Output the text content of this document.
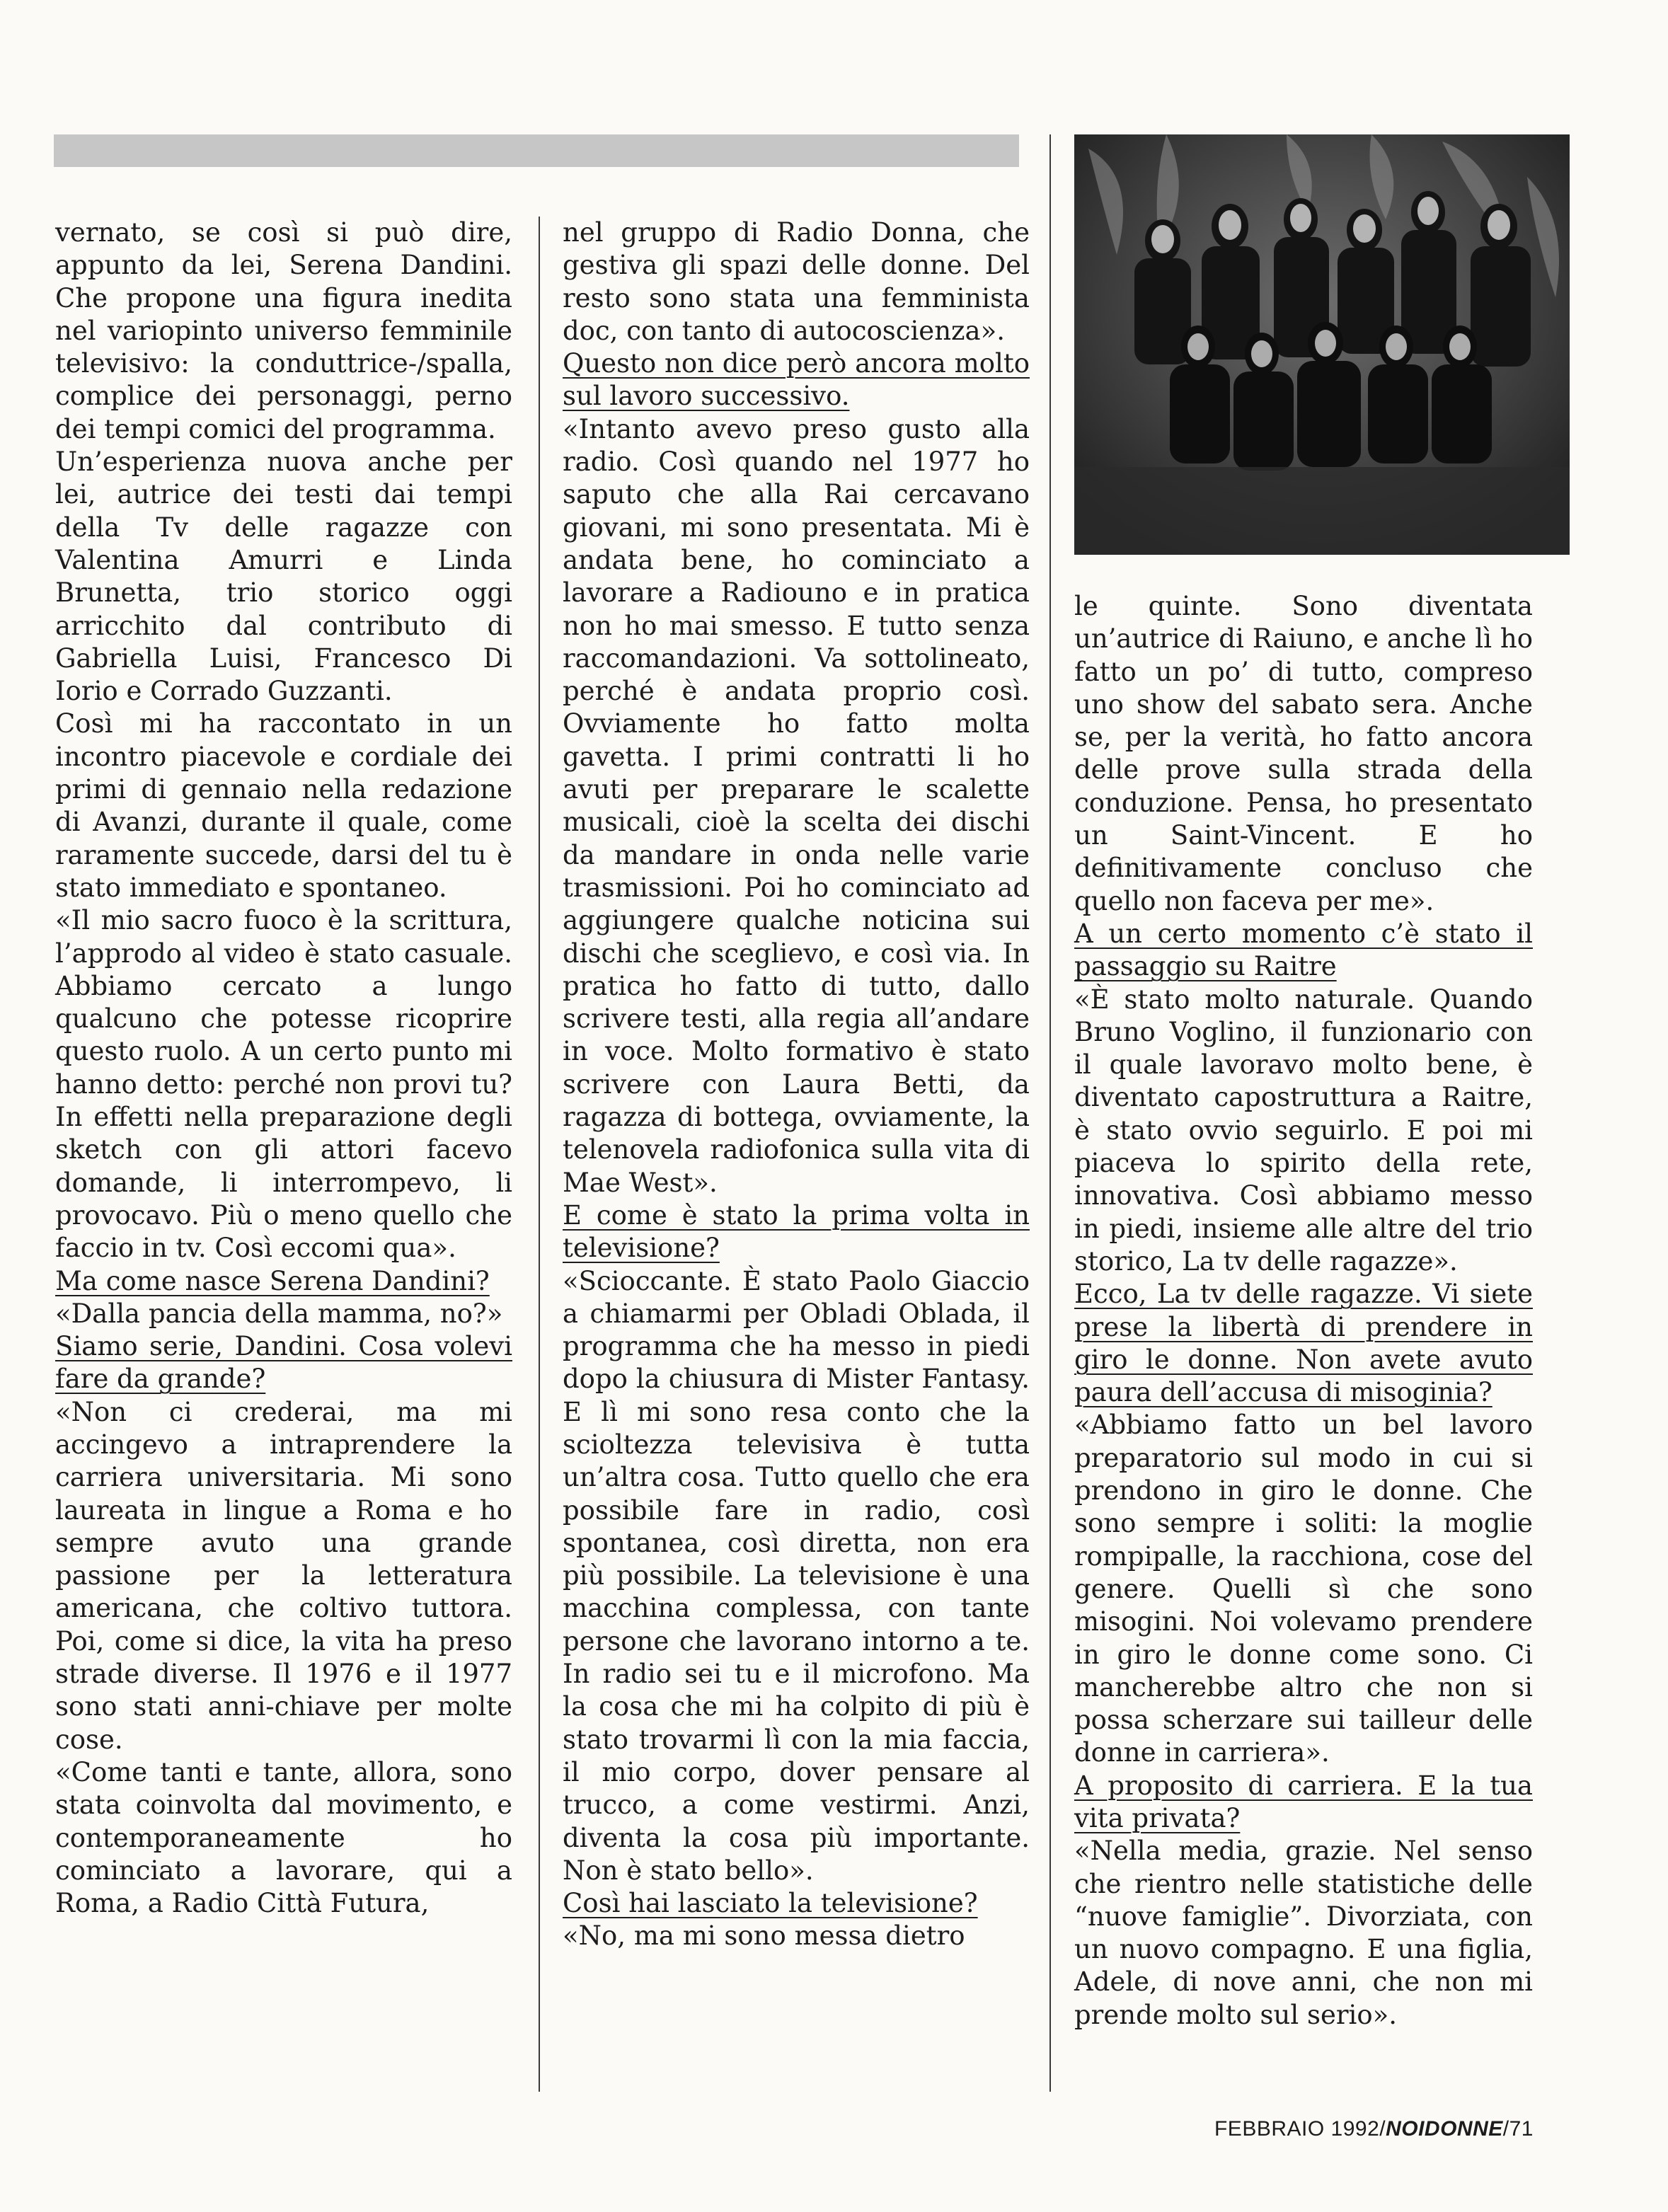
vernato, se così si può dire, appunto da lei, Serena Dandini. Che propone una figura inedita nel variopinto universo femminile televisivo: la conduttrice-/spalla, complice dei personaggi, perno dei tempi comici del programma.

Un’esperienza nuova anche per lei, autrice dei testi dai tempi della Tv delle ragazze con Valentina Amurri e Linda Brunetta, trio storico oggi arricchito dal contributo di Gabriella Luisi, Francesco Di Iorio e Corrado Guzzanti.

Così mi ha raccontato in un incontro piacevole e cordiale dei primi di gennaio nella redazione di Avanzi, durante il quale, come raramente succede, darsi del tu è stato immediato e spontaneo.

«Il mio sacro fuoco è la scrittura, l’approdo al video è stato casuale. Abbiamo cercato a lungo qualcuno che potesse ricoprire questo ruolo. A un certo punto mi hanno detto: perché non provi tu? In effetti nella preparazione degli sketch con gli attori facevo domande, li interrompevo, li provocavo. Più o meno quello che faccio in tv. Così eccomi qua».

Ma come nasce Serena Dandini?

«Dalla pancia della mamma, no?»

Siamo serie, Dandini. Cosa volevi fare da grande?

«Non ci crederai, ma mi accingevo a intraprendere la carriera universitaria. Mi sono laureata in lingue a Roma e ho sempre avuto una grande passione per la letteratura americana, che coltivo tuttora. Poi, come si dice, la vita ha preso strade diverse. Il 1976 e il 1977 sono stati anni-chiave per molte cose.

«Come tanti e tante, allora, sono stata coinvolta dal movimento, e contemporaneamente ho cominciato a lavorare, qui a Roma, a Radio Città Futura,

nel gruppo di Radio Donna, che gestiva gli spazi delle donne. Del resto sono stata una femminista doc, con tanto di autocoscienza».

Questo non dice però ancora molto sul lavoro successivo.

«Intanto avevo preso gusto alla radio. Così quando nel 1977 ho saputo che alla Rai cercavano giovani, mi sono presentata. Mi è andata bene, ho cominciato a lavorare a Radiouno e in pratica non ho mai smesso. E tutto senza raccomandazioni. Va sottolineato, perché è andata proprio così. Ovviamente ho fatto molta gavetta. I primi contratti li ho avuti per preparare le scalette musicali, cioè la scelta dei dischi da mandare in onda nelle varie trasmissioni. Poi ho cominciato ad aggiungere qualche noticina sui dischi che sceglievo, e così via. In pratica ho fatto di tutto, dallo scrivere testi, alla regia all’andare in voce. Molto formativo è stato scrivere con Laura Betti, da ragazza di bottega, ovviamente, la telenovela radiofonica sulla vita di Mae West».

E come è stato la prima volta in televisione?

«Scioccante. È stato Paolo Giaccio a chiamarmi per Obladi Oblada, il programma che ha messo in piedi dopo la chiusura di Mister Fantasy. E lì mi sono resa conto che la scioltezza televisiva è tutta un’altra cosa. Tutto quello che era possibile fare in radio, così spontanea, così diretta, non era più possibile. La televisione è una macchina complessa, con tante persone che lavorano intorno a te. In radio sei tu e il microfono. Ma la cosa che mi ha colpito di più è stato trovarmi lì con la mia faccia, il mio corpo, dover pensare al trucco, a come vestirmi. Anzi, diventa la cosa più importante. Non è stato bello».

Così hai lasciato la televisione?

«No, ma mi sono messa dietro

le quinte. Sono diventata un’autrice di Raiuno, e anche lì ho fatto un po’ di tutto, compreso uno show del sabato sera. Anche se, per la verità, ho fatto ancora delle prove sulla strada della conduzione. Pensa, ho presentato un Saint-Vincent. E ho definitivamente concluso che quello non faceva per me».

A un certo momento c’è stato il passaggio su Raitre

«È stato molto naturale. Quando Bruno Voglino, il funzionario con il quale lavoravo molto bene, è diventato capostruttura a Raitre, è stato ovvio seguirlo. E poi mi piaceva lo spirito della rete, innovativa. Così abbiamo messo in piedi, insieme alle altre del trio storico, La tv delle ragazze».

Ecco, La tv delle ragazze. Vi siete prese la libertà di prendere in giro le donne. Non avete avuto paura dell’accusa di misoginia?

«Abbiamo fatto un bel lavoro preparatorio sul modo in cui si prendono in giro le donne. Che sono sempre i soliti: la moglie rompipalle, la racchiona, cose del genere. Quelli sì che sono misogini. Noi volevamo prendere in giro le donne come sono. Ci mancherebbe altro che non si possa scherzare sui tailleur delle donne in carriera».

A proposito di carriera. E la tua vita privata?

«Nella media, grazie. Nel senso che rientro nelle statistiche delle “nuove famiglie”. Divorziata, con un nuovo compagno. E una figlia, Adele, di nove anni, che non mi prende molto sul serio».

FEBBRAIO 1992/NOIDONNE/71
